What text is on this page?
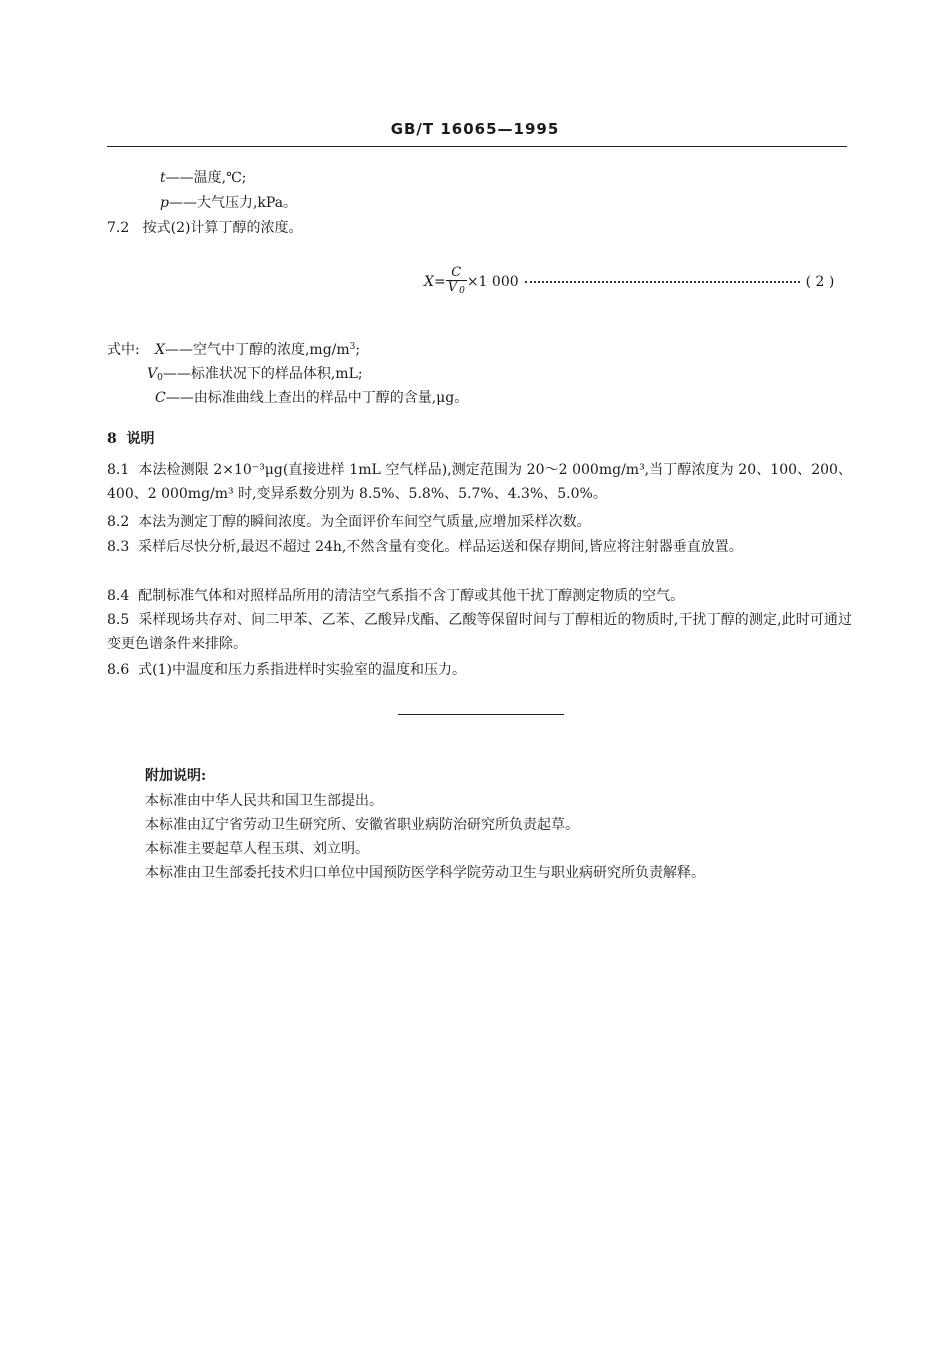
GB/T 16065—1995
t——温度,℃;
p——大气压力,kPa。
7.2 按式(2)计算丁醇的浓度。
$X= \frac{C}{V _0} \times 1$ 000	( 2 )
式中: X——空气中丁醇的浓度$,mg/m^3$;
$V_0——$标准状况下的样品体积,mL;
C——由标准曲线上查出的样品中丁醇的含量,μg。
8 说明
8.1 本法检测限 2×10⁻³μg(直接进样 1mL 空气样品),测定范围为 20～2 000mg/m³,当丁醇浓度为 20、100、200、400、2 000mg/m³ 时,变异系数分别为 8.5%、5.8%、5.7%、4.3%、5.0%。
8.2 本法为测定丁醇的瞬间浓度。为全面评价车间空气质量,应增加采样次数。
8.3 采样后尽快分析,最迟不超过 24h,不然含量有变化。样品运送和保存期间,皆应将注射器垂直放置。
8.4 配制标准气体和对照样品所用的清洁空气系指不含丁醇或其他干扰丁醇测定物质的空气。
8.5 采样现场共存对、间二甲苯、乙苯、乙酸异戊酯、乙酸等保留时间与丁醇相近的物质时,干扰丁醇的测定,此时可通过变更色谱条件来排除。
8.6 式(1)中温度和压力系指进样时实验室的温度和压力。
附加说明:
本标准由中华人民共和国卫生部提出。
本标准由辽宁省劳动卫生研究所、安徽省职业病防治研究所负责起草。
本标准主要起草人程玉琪、刘立明。
本标准由卫生部委托技术归口单位中国预防医学科学院劳动卫生与职业病研究所负责解释。
